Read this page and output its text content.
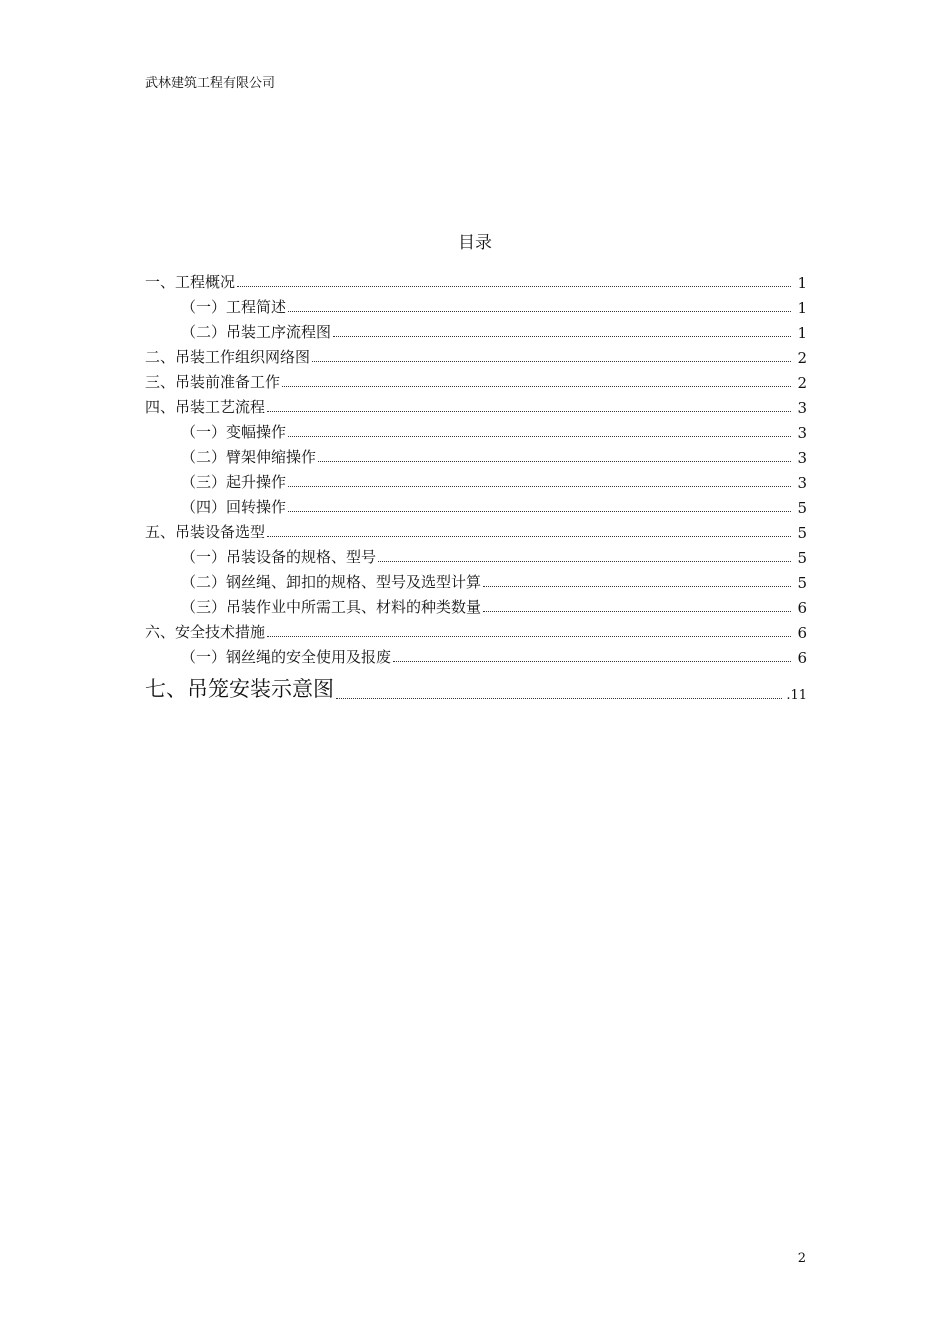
武林建筑工程有限公司
目录
一、工程概况	1
（一）工程简述	1
（二）吊装工序流程图	1
二、吊装工作组织网络图	2
三、吊装前准备工作	2
四、吊装工艺流程	3
（一）变幅操作	3
（二）臂架伸缩操作	3
（三）起升操作	3
（四）回转操作	5
五、吊装设备选型	5
（一）吊装设备的规格、型号	5
（二）钢丝绳、卸扣的规格、型号及选型计算	5
（三）吊装作业中所需工具、材料的种类数量	6
六、安全技术措施	6
（一）钢丝绳的安全使用及报废	6
七、吊笼安装示意图	.11
2
